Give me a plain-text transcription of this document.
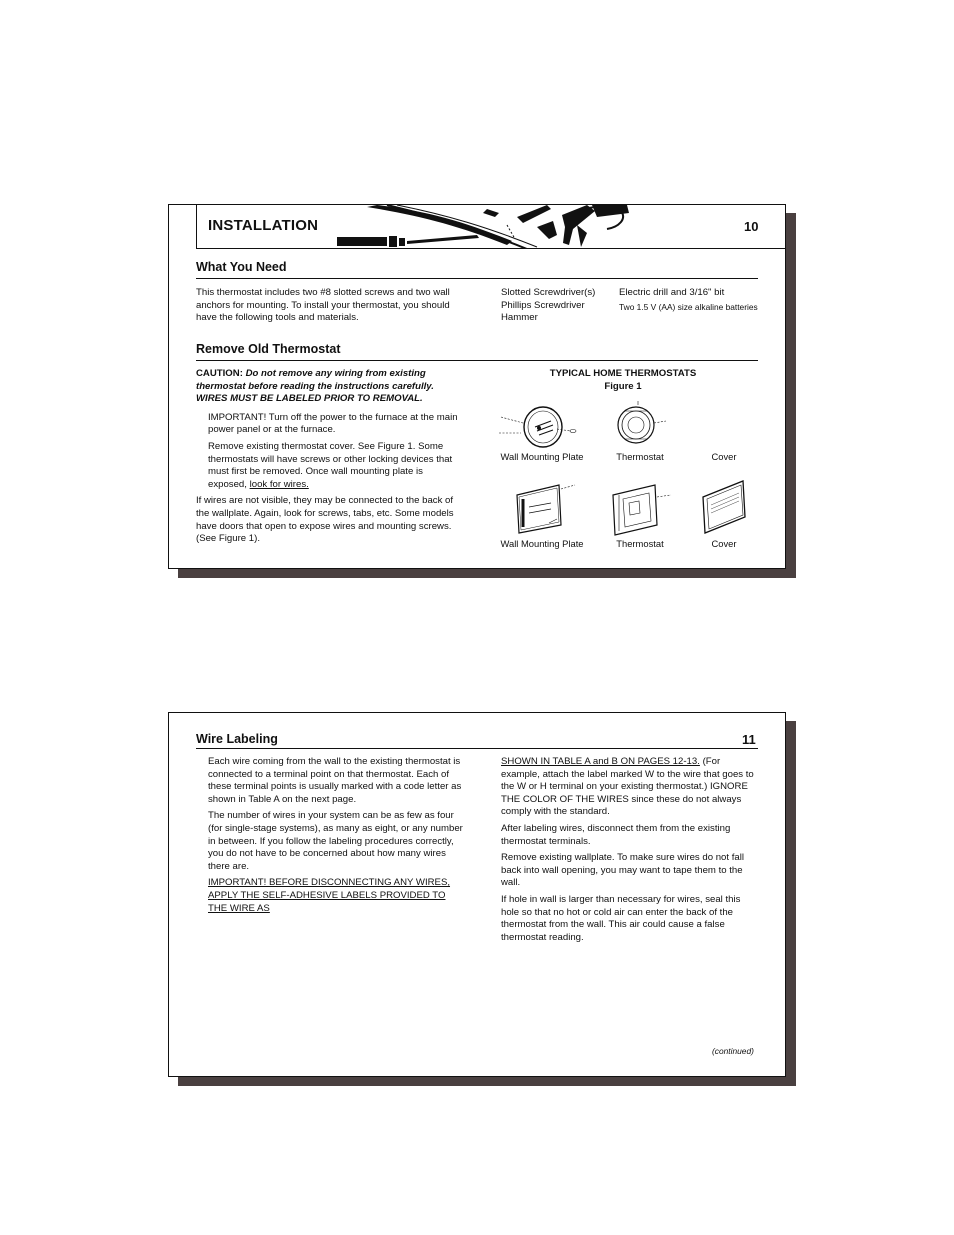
INSTALLATION	10
What You Need
This thermostat includes two #8 slotted screws and two wall anchors for mounting. To install your thermostat, you should have the following tools and materials.
Slotted Screwdriver(s)
Phillips Screwdriver
Hammer
Electric drill and 3/16" bit
Two 1.5 V (AA) size alkaline batteries
Remove Old Thermostat

CAUTION: Do not remove any wiring from existing thermostat before reading the instructions carefully. WIRES MUST BE LABELED PRIOR TO REMOVAL.

IMPORTANT! Turn off the power to the furnace at the main power panel or at the furnace.

Remove existing thermostat cover. See Figure 1. Some thermostats will have screws or other locking devices that must first be removed. Once wall mounting plate is exposed, look for wires.

If wires are not visible, they may be connected to the back of the wallplate. Again, look for screws, tabs, etc. Some models have doors that open to expose wires and mounting screws. (See Figure 1).

TYPICAL HOME THERMOSTATS
Figure 1
Wall Mounting Plate	Thermostat	Cover
Wall Mounting Plate	Thermostat	Cover
Wire Labeling	11

Each wire coming from the wall to the existing thermostat is connected to a terminal point on that thermostat. Each of these terminal points is usually marked with a code letter as shown in Table A on the next page.

The number of wires in your system can be as few as four (for single-stage systems), as many as eight, or any number in between. If you follow the labeling procedures correctly, you do not have to be concerned about how many wires there are.

IMPORTANT! BEFORE DISCONNECTING ANY WIRES, APPLY THE SELF-ADHESIVE LABELS PROVIDED TO THE WIRE AS

SHOWN IN TABLE A and B ON PAGES 12-13. (For example, attach the label marked W to the wire that goes to the W or H terminal on your existing thermostat.) IGNORE THE COLOR OF THE WIRES since these do not always comply with the standard.

After labeling wires, disconnect them from the existing thermostat terminals.

Remove existing wallplate. To make sure wires do not fall back into wall opening, you may want to tape them to the wall.

If hole in wall is larger than necessary for wires, seal this hole so that no hot or cold air can enter the back of the thermostat from the wall. This air could cause a false thermostat reading.

(continued)
